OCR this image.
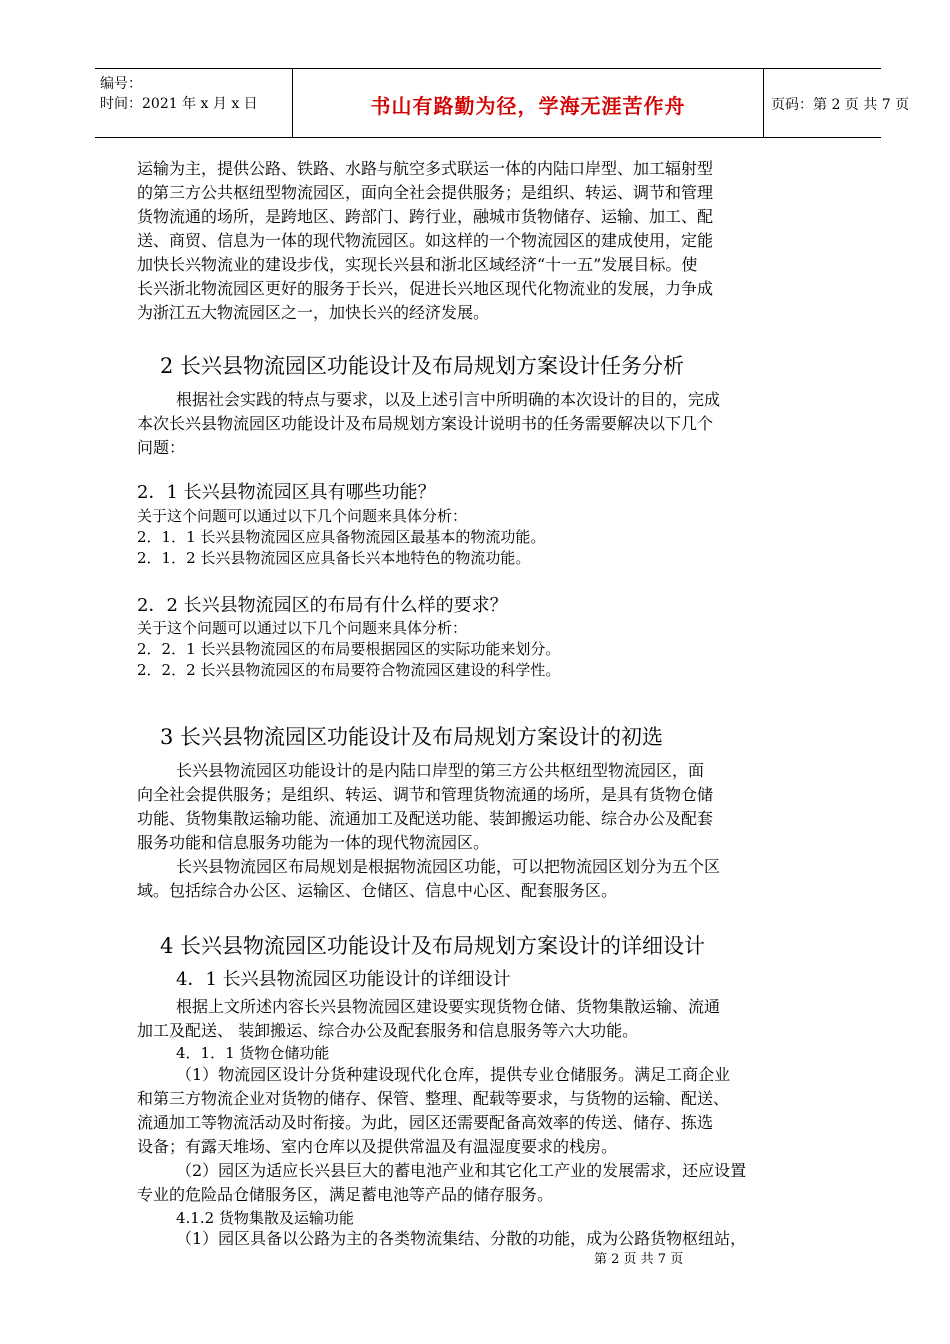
编号：
时间：2021 年 x 月 x 日	书山有路勤为径，学海无涯苦作舟	页码：第 2 页 共 7 页
运输为主，提供公路、铁路、水路与航空多式联运一体的内陆口岸型、加工辐射型
的第三方公共枢纽型物流园区，面向全社会提供服务；是组织、转运、调节和管理
货物流通的场所，是跨地区、跨部门、跨行业，融城市货物储存、运输、加工、配
送、商贸、信息为一体的现代物流园区。如这样的一个物流园区的建成使用，定能
加快长兴物流业的建设步伐，实现长兴县和浙北区域经济“十一五”发展目标。使
长兴浙北物流园区更好的服务于长兴，促进长兴地区现代化物流业的发展，力争成
为浙江五大物流园区之一，加快长兴的经济发展。
2 长兴县物流园区功能设计及布局规划方案设计任务分析
根据社会实践的特点与要求，以及上述引言中所明确的本次设计的目的，完成
本次长兴县物流园区功能设计及布局规划方案设计说明书的任务需要解决以下几个
问题：
2．1 长兴县物流园区具有哪些功能？
关于这个问题可以通过以下几个问题来具体分析：
2．1．1 长兴县物流园区应具备物流园区最基本的物流功能。
2．1．2 长兴县物流园区应具备长兴本地特色的物流功能。
2．2 长兴县物流园区的布局有什么样的要求？
关于这个问题可以通过以下几个问题来具体分析：
2．2．1 长兴县物流园区的布局要根据园区的实际功能来划分。
2．2．2 长兴县物流园区的布局要符合物流园区建设的科学性。
3 长兴县物流园区功能设计及布局规划方案设计的初选
长兴县物流园区功能设计的是内陆口岸型的第三方公共枢纽型物流园区，面
向全社会提供服务；是组织、转运、调节和管理货物流通的场所，是具有货物仓储
功能、货物集散运输功能、流通加工及配送功能、装卸搬运功能、综合办公及配套
服务功能和信息服务功能为一体的现代物流园区。
长兴县物流园区布局规划是根据物流园区功能，可以把物流园区划分为五个区
域。包括综合办公区、运输区、仓储区、信息中心区、配套服务区。
4 长兴县物流园区功能设计及布局规划方案设计的详细设计
4．1 长兴县物流园区功能设计的详细设计
根据上文所述内容长兴县物流园区建设要实现货物仓储、货物集散运输、流通
加工及配送、 装卸搬运、综合办公及配套服务和信息服务等六大功能。
4．1．1 货物仓储功能
（1）物流园区设计分货种建设现代化仓库，提供专业仓储服务。满足工商企业
和第三方物流企业对货物的储存、保管、整理、配载等要求，与货物的运输、配送、
流通加工等物流活动及时衔接。为此，园区还需要配备高效率的传送、储存、拣选
设备；有露天堆场、室内仓库以及提供常温及有温湿度要求的栈房。
（2）园区为适应长兴县巨大的蓄电池产业和其它化工产业的发展需求，还应设置
专业的危险品仓储服务区，满足蓄电池等产品的储存服务。
4.1.2 货物集散及运输功能
（1）园区具备以公路为主的各类物流集结、分散的功能，成为公路货物枢纽站，
第 2 页 共 7 页
